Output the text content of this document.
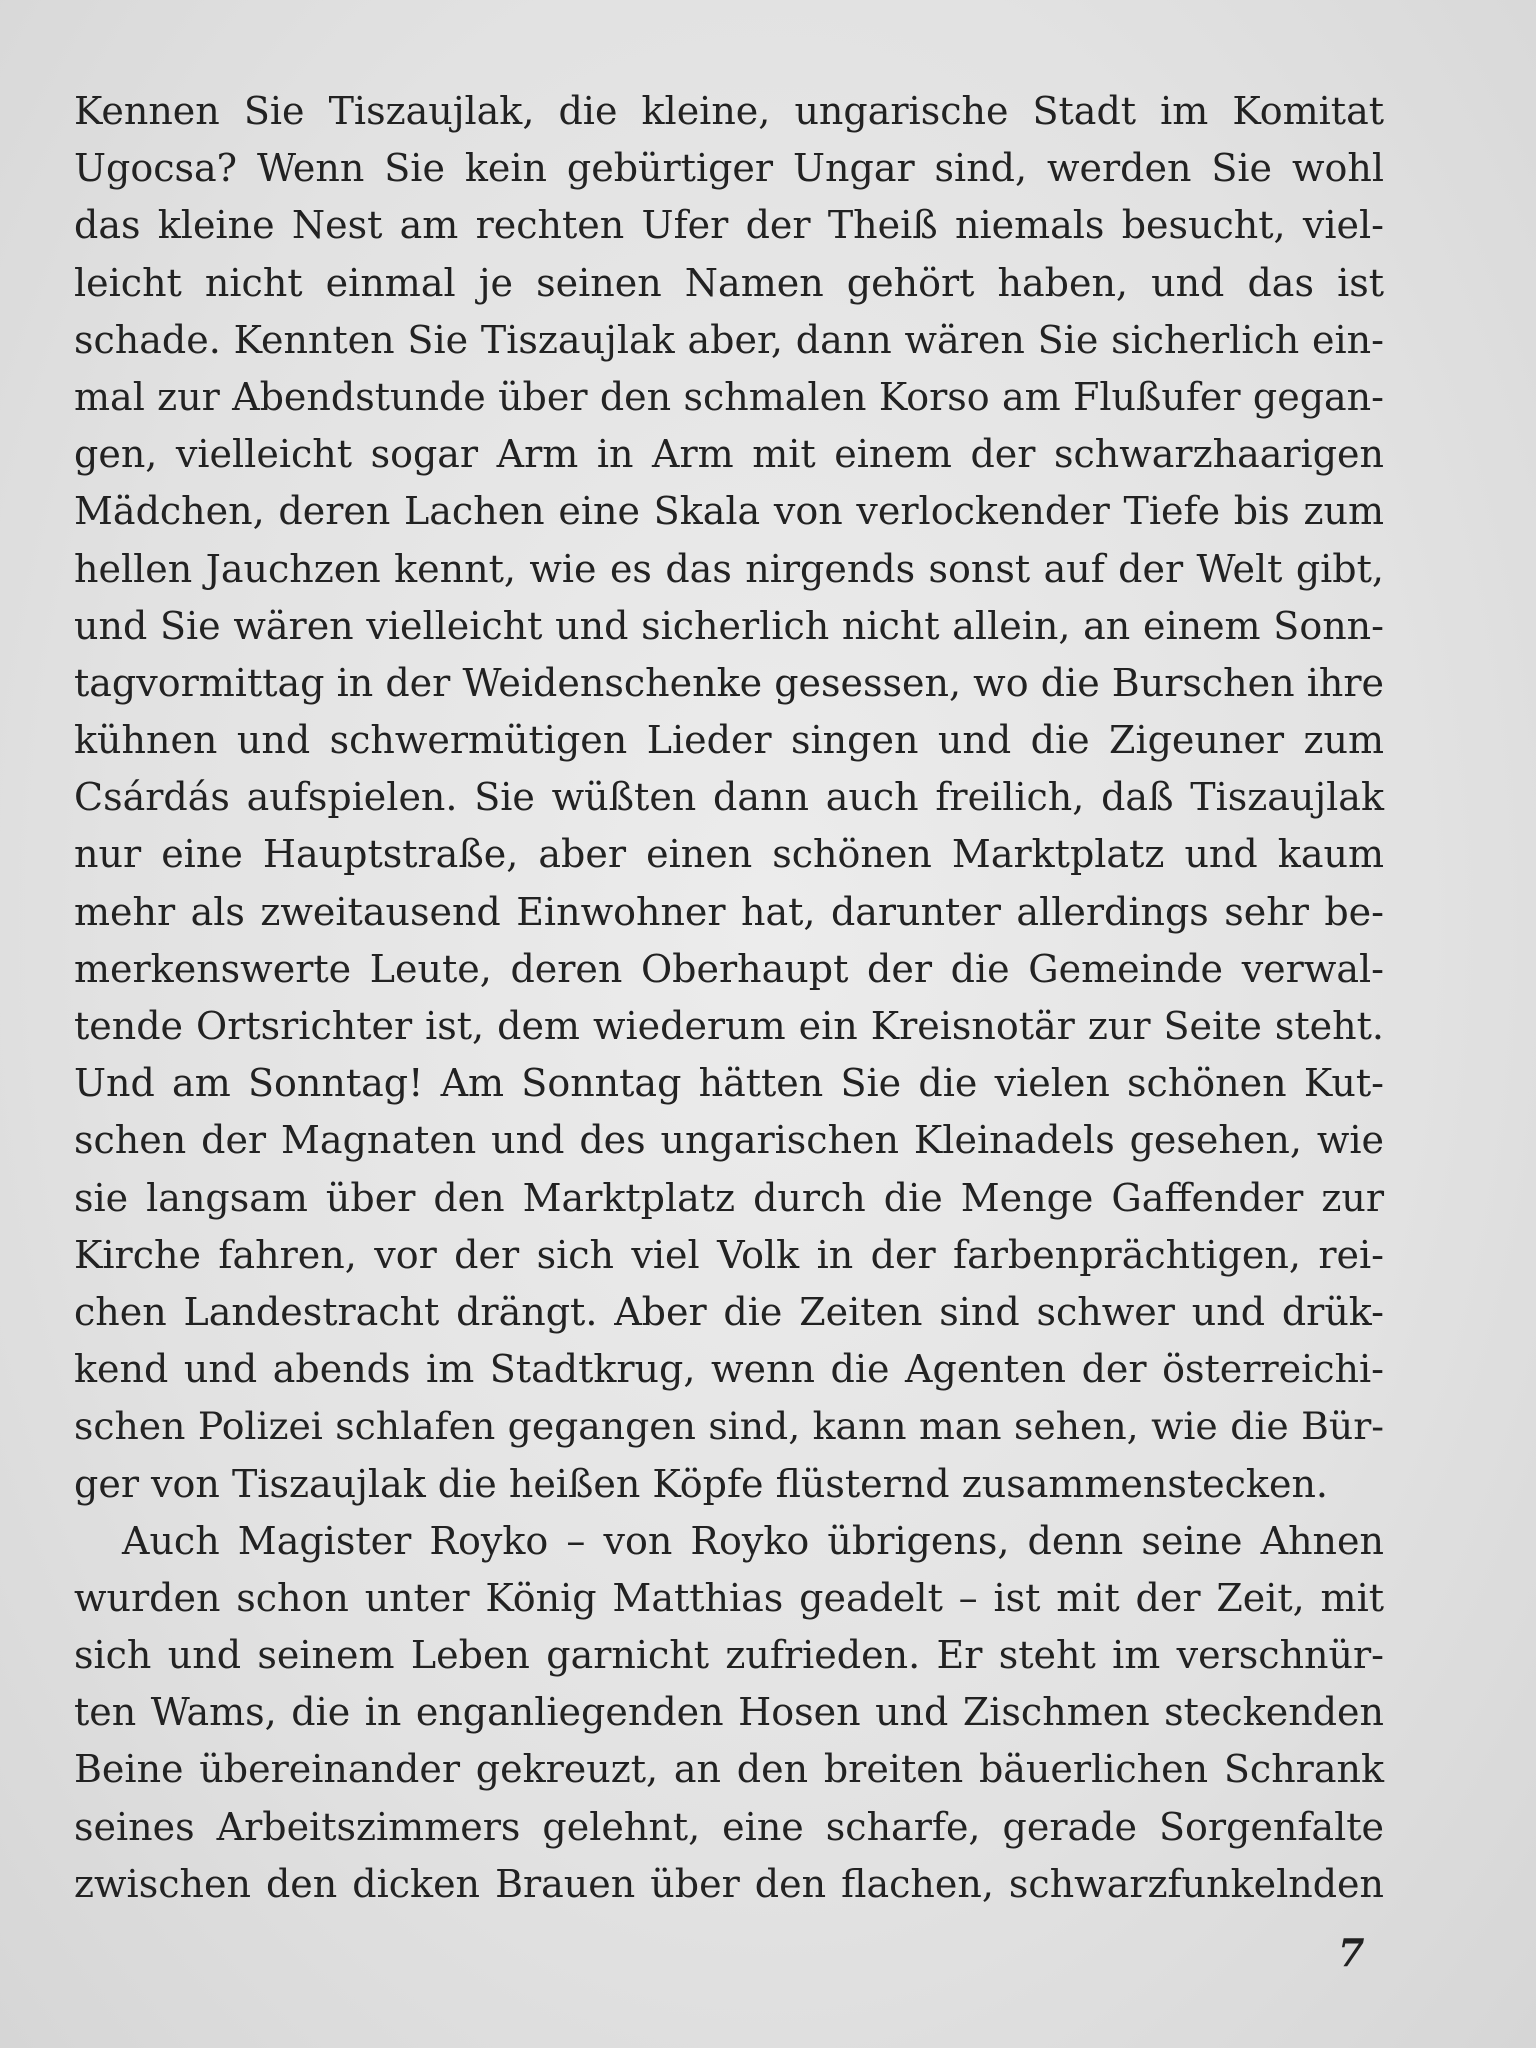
Kennen Sie Tiszaujlak, die kleine, ungarische Stadt im Komitat
Ugocsa? Wenn Sie kein gebürtiger Ungar sind, werden Sie wohl
das kleine Nest am rechten Ufer der Theiß niemals besucht, viel-
leicht nicht einmal je seinen Namen gehört haben, und das ist
schade. Kennten Sie Tiszaujlak aber, dann wären Sie sicherlich ein-
mal zur Abendstunde über den schmalen Korso am Flußufer gegan-
gen, vielleicht sogar Arm in Arm mit einem der schwarzhaarigen
Mädchen, deren Lachen eine Skala von verlockender Tiefe bis zum
hellen Jauchzen kennt, wie es das nirgends sonst auf der Welt gibt,
und Sie wären vielleicht und sicherlich nicht allein, an einem Sonn-
tagvormittag in der Weidenschenke gesessen, wo die Burschen ihre
kühnen und schwermütigen Lieder singen und die Zigeuner zum
Csárdás aufspielen. Sie wüßten dann auch freilich, daß Tiszaujlak
nur eine Hauptstraße, aber einen schönen Marktplatz und kaum
mehr als zweitausend Einwohner hat, darunter allerdings sehr be-
merkenswerte Leute, deren Oberhaupt der die Gemeinde verwal-
tende Ortsrichter ist, dem wiederum ein Kreisnotär zur Seite steht.
Und am Sonntag! Am Sonntag hätten Sie die vielen schönen Kut-
schen der Magnaten und des ungarischen Kleinadels gesehen, wie
sie langsam über den Marktplatz durch die Menge Gaffender zur
Kirche fahren, vor der sich viel Volk in der farbenprächtigen, rei-
chen Landestracht drängt. Aber die Zeiten sind schwer und drük-
kend und abends im Stadtkrug, wenn die Agenten der österreichi-
schen Polizei schlafen gegangen sind, kann man sehen, wie die Bür-
ger von Tiszaujlak die heißen Köpfe flüsternd zusammenstecken.
Auch Magister Royko – von Royko übrigens, denn seine Ahnen
wurden schon unter König Matthias geadelt – ist mit der Zeit, mit
sich und seinem Leben garnicht zufrieden. Er steht im verschnür-
ten Wams, die in enganliegenden Hosen und Zischmen steckenden
Beine übereinander gekreuzt, an den breiten bäuerlichen Schrank
seines Arbeitszimmers gelehnt, eine scharfe, gerade Sorgenfalte
zwischen den dicken Brauen über den flachen, schwarzfunkelnden
7
